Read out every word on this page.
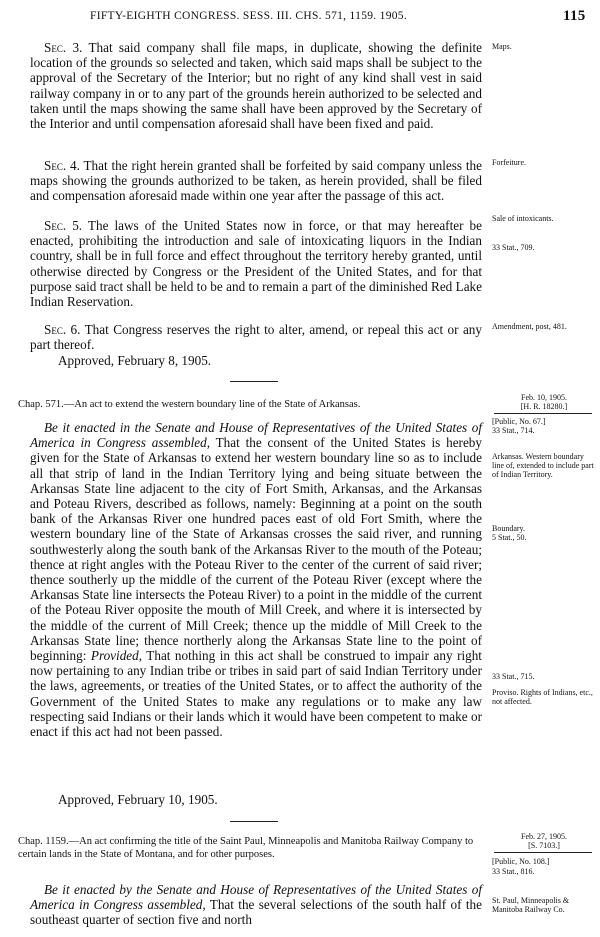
FIFTY-EIGHTH CONGRESS. SESS. III. CHS. 571, 1159. 1905.	115
Sec. 3. That said company shall file maps, in duplicate, showing the definite location of the grounds so selected and taken, which said maps shall be subject to the approval of the Secretary of the Interior; but no right of any kind shall vest in said railway company in or to any part of the grounds herein authorized to be selected and taken until the maps showing the same shall have been approved by the Secretary of the Interior and until compensation aforesaid shall have been fixed and paid.
Sec. 4. That the right herein granted shall be forfeited by said company unless the maps showing the grounds authorized to be taken, as herein provided, shall be filed and compensation aforesaid made within one year after the passage of this act.
Sec. 5. The laws of the United States now in force, or that may hereafter be enacted, prohibiting the introduction and sale of intoxicating liquors in the Indian country, shall be in full force and effect throughout the territory hereby granted, until otherwise directed by Congress or the President of the United States, and for that purpose said tract shall be held to be and to remain a part of the diminished Red Lake Indian Reservation.
Sec. 6. That Congress reserves the right to alter, amend, or repeal this act or any part thereof.
Approved, February 8, 1905.
Chap. 571.—An act to extend the western boundary line of the State of Arkansas.
Be it enacted in the Senate and House of Representatives of the United States of America in Congress assembled, That the consent of the United States is hereby given for the State of Arkansas to extend her western boundary line so as to include all that strip of land in the Indian Territory lying and being situate between the Arkansas State line adjacent to the city of Fort Smith, Arkansas, and the Arkansas and Poteau Rivers, described as follows, namely: Beginning at a point on the south bank of the Arkansas River one hundred paces east of old Fort Smith, where the western boundary line of the State of Arkansas crosses the said river, and running southwesterly along the south bank of the Arkansas River to the mouth of the Poteau; thence at right angles with the Poteau River to the center of the current of said river; thence southerly up the middle of the current of the Poteau River (except where the Arkansas State line intersects the Poteau River) to a point in the middle of the current of the Poteau River opposite the mouth of Mill Creek, and where it is intersected by the middle of the current of Mill Creek; thence up the middle of Mill Creek to the Arkansas State line; thence northerly along the Arkansas State line to the point of beginning: Provided, That nothing in this act shall be construed to impair any right now pertaining to any Indian tribe or tribes in said part of said Indian Territory under the laws, agreements, or treaties of the United States, or to affect the authority of the Government of the United States to make any regulations or to make any law respecting said Indians or their lands which it would have been competent to make or enact if this act had not been passed.
Approved, February 10, 1905.
Chap. 1159.—An act confirming the title of the Saint Paul, Minneapolis and Manitoba Railway Company to certain lands in the State of Montana, and for other purposes.
Be it enacted by the Senate and House of Representatives of the United States of America in Congress assembled, That the several selections of the south half of the southeast quarter of section five and north
Maps.
Forfeiture.
Sale of intoxicants.
33 Stat., 709.
Amendment, post, 481.
Feb. 10, 1905.
[H. R. 18280.]
[Public, No. 67.]
33 Stat., 714.
Arkansas. Western boundary line of, extended to include part of Indian Territory.
Boundary.
5 Stat., 50.
33 Stat., 715.
Proviso. Rights of Indians, etc., not affected.
Feb. 27, 1905.
[S. 7103.]
[Public, No. 108.]
33 Stat., 816.
St. Paul, Minneapolis & Manitoba Railway Co.
